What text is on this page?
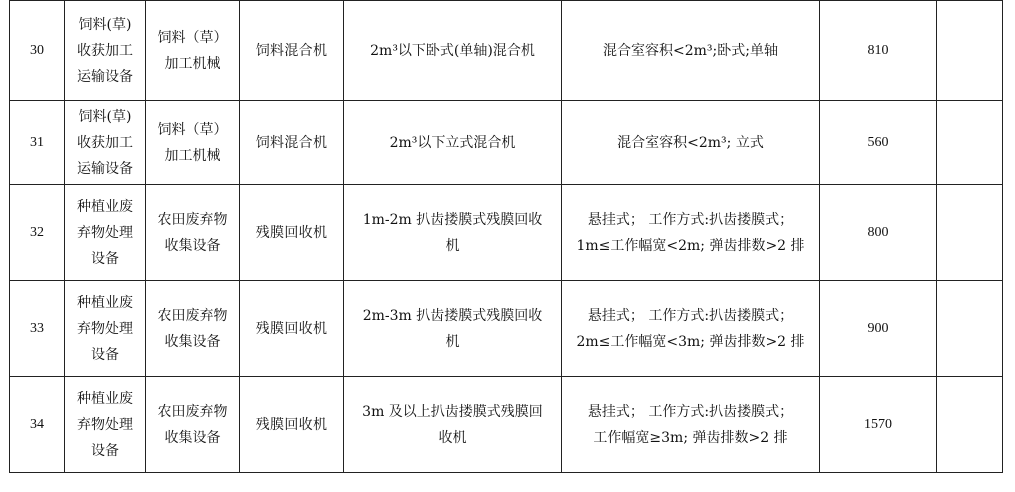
30	饲料(草)
收获加工
运输设备	饲料（草）
加工机械	饲料混合机	2m³以下卧式(单轴)混合机	混合室容积<2m³;卧式;单轴	810	
31	饲料(草)
收获加工
运输设备	饲料（草）
加工机械	饲料混合机	2m³以下立式混合机	混合室容积<2m³; 立式	560	
32	种植业废
弃物处理
设备	农田废弃物
收集设备	残膜回收机	1m-2m 扒齿搂膜式残膜回收
机	悬挂式； 工作方式:扒齿搂膜式；
1m≤工作幅宽<2m; 弹齿排数>2 排	800	
33	种植业废
弃物处理
设备	农田废弃物
收集设备	残膜回收机	2m-3m 扒齿搂膜式残膜回收
机	悬挂式； 工作方式:扒齿搂膜式；
2m≤工作幅宽<3m; 弹齿排数>2 排	900	
34	种植业废
弃物处理
设备	农田废弃物
收集设备	残膜回收机	3m 及以上扒齿搂膜式残膜回
收机	悬挂式； 工作方式:扒齿搂膜式；
工作幅宽≥3m; 弹齿排数>2 排	1570	
